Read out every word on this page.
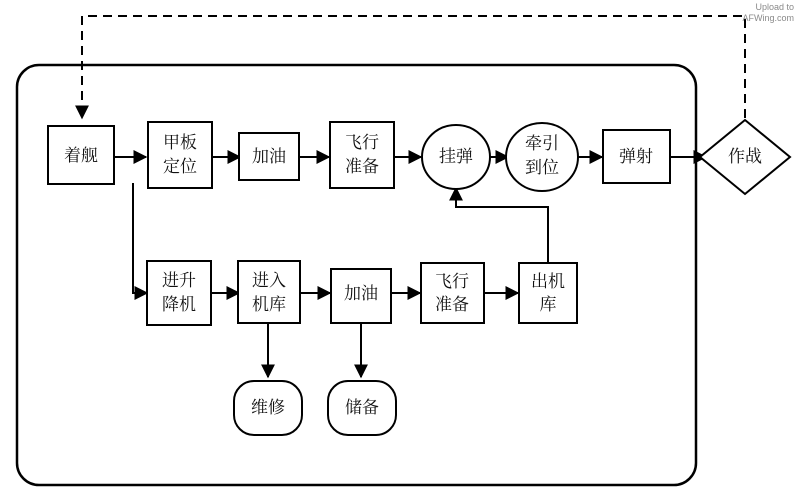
着舰
甲板
定位	加油
飞行
准备	挂弹
牵引
到位
弹射	作战
进升
降机
进入
机库
加油
飞行
准备
出机
库
维修	储备
Upload to
AFWing.com
